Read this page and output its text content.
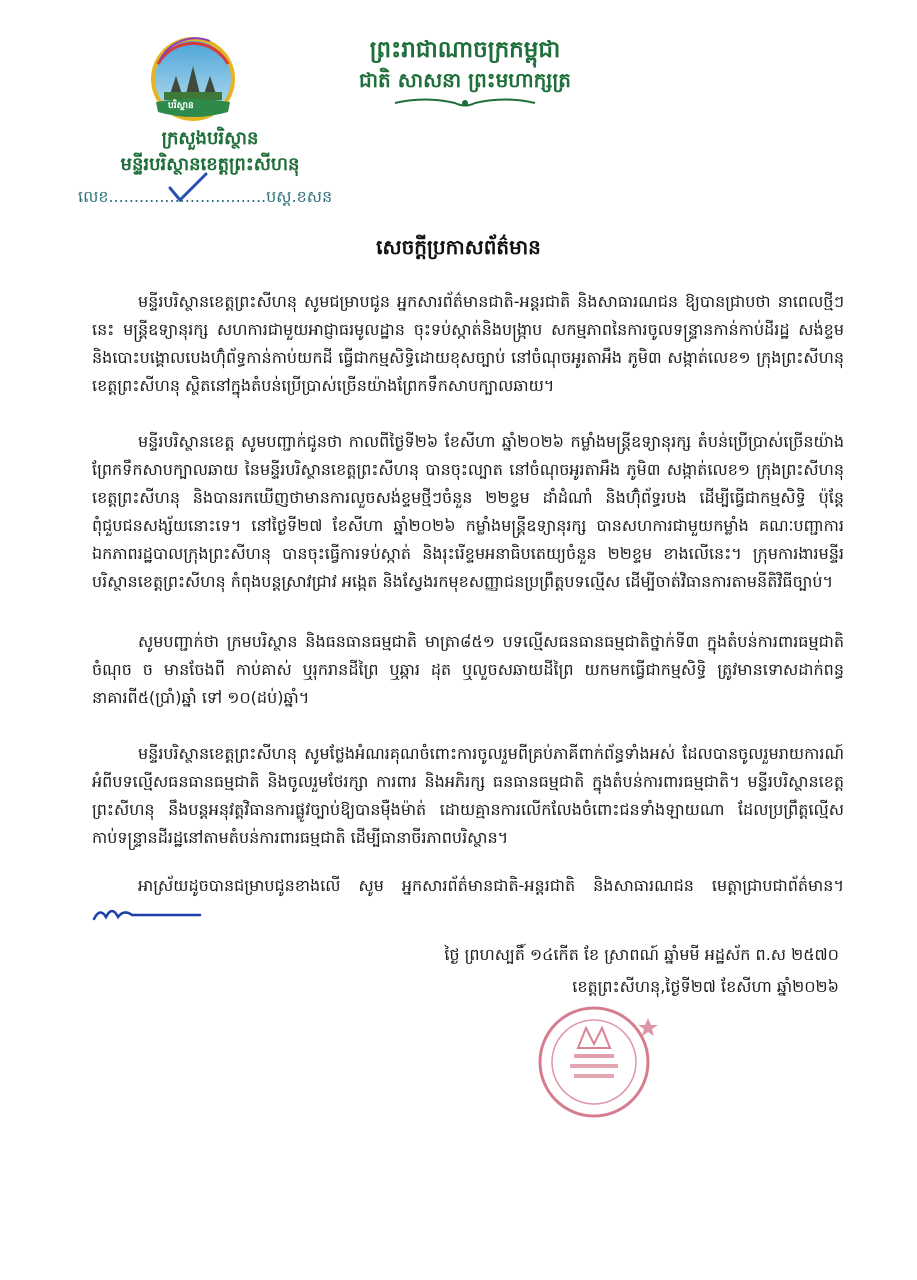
បរិស្ថាន
ព្រះរាជាណាចក្រកម្ពុជា
ជាតិ សាសនា ព្រះមហាក្សត្រ
ក្រសួងបរិស្ថាន
មន្ទីរបរិស្ថានខេត្តព្រះសីហនុ
លេខ...............................បស្ត.ខសន
សេចក្តីប្រកាសព័ត៌មាន
មន្ទីរបរិស្ថានខេត្តព្រះសីហនុ សូមជម្រាបជូន អ្នកសារព័ត៌មានជាតិ-អន្តរជាតិ និងសាធារណជន ឱ្យបានជ្រាបថា នាពេលថ្មីៗនេះ មន្ត្រីឧទ្យានុរក្ស សហការជាមួយអាជ្ញាធរមូលដ្ឋាន ចុះទប់ស្កាត់និងបង្ក្រាប សកម្មភាពនៃការចូលទន្ទ្រានកាន់កាប់ដីរដ្ឋ សង់ខ្ទម និងបោះបង្គោលបេងហ៊ុំព័ទ្ធកាន់កាប់យកដី ធ្វើជាកម្មសិទ្ធិដោយខុសច្បាប់ នៅចំណុចអូរតាអឹង ភូមិ៣ សង្កាត់លេខ១ ក្រុងព្រះសីហនុ ខេត្តព្រះសីហនុ ស្ថិតនៅក្នុងតំបន់ប្រើប្រាស់ច្រើនយ៉ាងព្រែកទឹកសាបក្បាលឆាយ។
មន្ទីរបរិស្ថានខេត្ត សូមបញ្ជាក់ជូនថា កាលពីថ្ងៃទី២៦ ខែសីហា ឆ្នាំ២០២៦ កម្លាំងមន្ត្រីឧទ្យានុរក្ស តំបន់ប្រើប្រាស់ច្រើនយ៉ាងព្រែកទឹកសាបក្បាលឆាយ នៃមន្ទីរបរិស្ថានខេត្តព្រះសីហនុ បានចុះល្បាត នៅចំណុចអូរតាអឹង ភូមិ៣ សង្កាត់លេខ១ ក្រុងព្រះសីហនុ ខេត្តព្រះសីហនុ និងបានរកឃើញថាមានការលួចសង់ខ្ទមថ្មីៗចំនួន ២២ខ្ទម ដាំដំណាំ និងហ៊ុំព័ទ្ធរបង ដើម្បីធ្វើជាកម្មសិទ្ធិ ប៉ុន្តែពុំជួបជនសង្ស័យនោះទេ។ នៅថ្ងៃទី២៧ ខែសីហា ឆ្នាំ២០២៦ កម្លាំងមន្ត្រីឧទ្យានុរក្ស បានសហការជាមួយកម្លាំង គណៈបញ្ជាការឯកភាពរដ្ឋបាលក្រុងព្រះសីហនុ បានចុះធ្វើការទប់ស្កាត់ និងរុះរើខ្ទមអនាធិបតេយ្យចំនួន ២២ខ្ទម ខាងលើនេះ។ ក្រុមការងារមន្ទីរបរិស្ថានខេត្តព្រះសីហនុ កំពុងបន្តស្រាវជ្រាវ អង្កេត និងស្វែងរកមុខសញ្ញាជនប្រព្រឹត្តបទល្មើស ដើម្បីចាត់វិធានការតាមនីតិវិធីច្បាប់។
សូមបញ្ជាក់ថា ក្រមបរិស្ថាន និងធនធានធម្មជាតិ មាត្រា៨៥១ បទល្មើសធនធានធម្មជាតិថ្នាក់ទី៣ ក្នុងតំបន់ការពារធម្មជាតិ ចំណុច ច មានចែងពី កាប់គាស់ ឬរុករានដីព្រៃ ឬឆ្ការ ដុត ឬលួចសឆាយដីព្រៃ យកមកធ្វើជាកម្មសិទ្ធិ ត្រូវមានទោសដាក់ពន្ធនាគារពី៥(ប្រាំ)ឆ្នាំ ទៅ ១០(ដប់)ឆ្នាំ។
មន្ទីរបរិស្ថានខេត្តព្រះសីហនុ សូមថ្លែងអំណរគុណចំពោះការចូលរួមពីគ្រប់ភាគីពាក់ព័ន្ធទាំងអស់ ដែលបានចូលរួមរាយការណ៍អំពីបទល្មើសធនធានធម្មជាតិ និងចូលរួមថែរក្សា ការពារ និងអភិរក្ស ធនធានធម្មជាតិ ក្នុងតំបន់ការពារធម្មជាតិ។ មន្ទីរបរិស្ថានខេត្តព្រះសីហនុ នឹងបន្តអនុវត្តវិធានការផ្លូវច្បាប់ឱ្យបានម៉ឺងម៉ាត់ ដោយគ្មានការលើកលែងចំពោះជនទាំងឡាយណា ដែលប្រព្រឹត្តល្មើស កាប់ទន្ទ្រានដីរដ្ឋនៅតាមតំបន់ការពារធម្មជាតិ ដើម្បីធានាចីរភាពបរិស្ថាន។
អាស្រ័យដូចបានជម្រាបជូនខាងលើ សូម អ្នកសារព័ត៌មានជាតិ-អន្តរជាតិ និងសាធារណជន មេត្តាជ្រាបជាព័ត៌មាន។
ថ្ងៃ ព្រហស្បតិ៍ ១៤កើត ខែ ស្រាពណ៍ ឆ្នាំមមី អដ្ឋស័ក ព.ស ២៥៧០
ខេត្តព្រះសីហនុ,ថ្ងៃទី២៧ ខែសីហា ឆ្នាំ២០២៦
